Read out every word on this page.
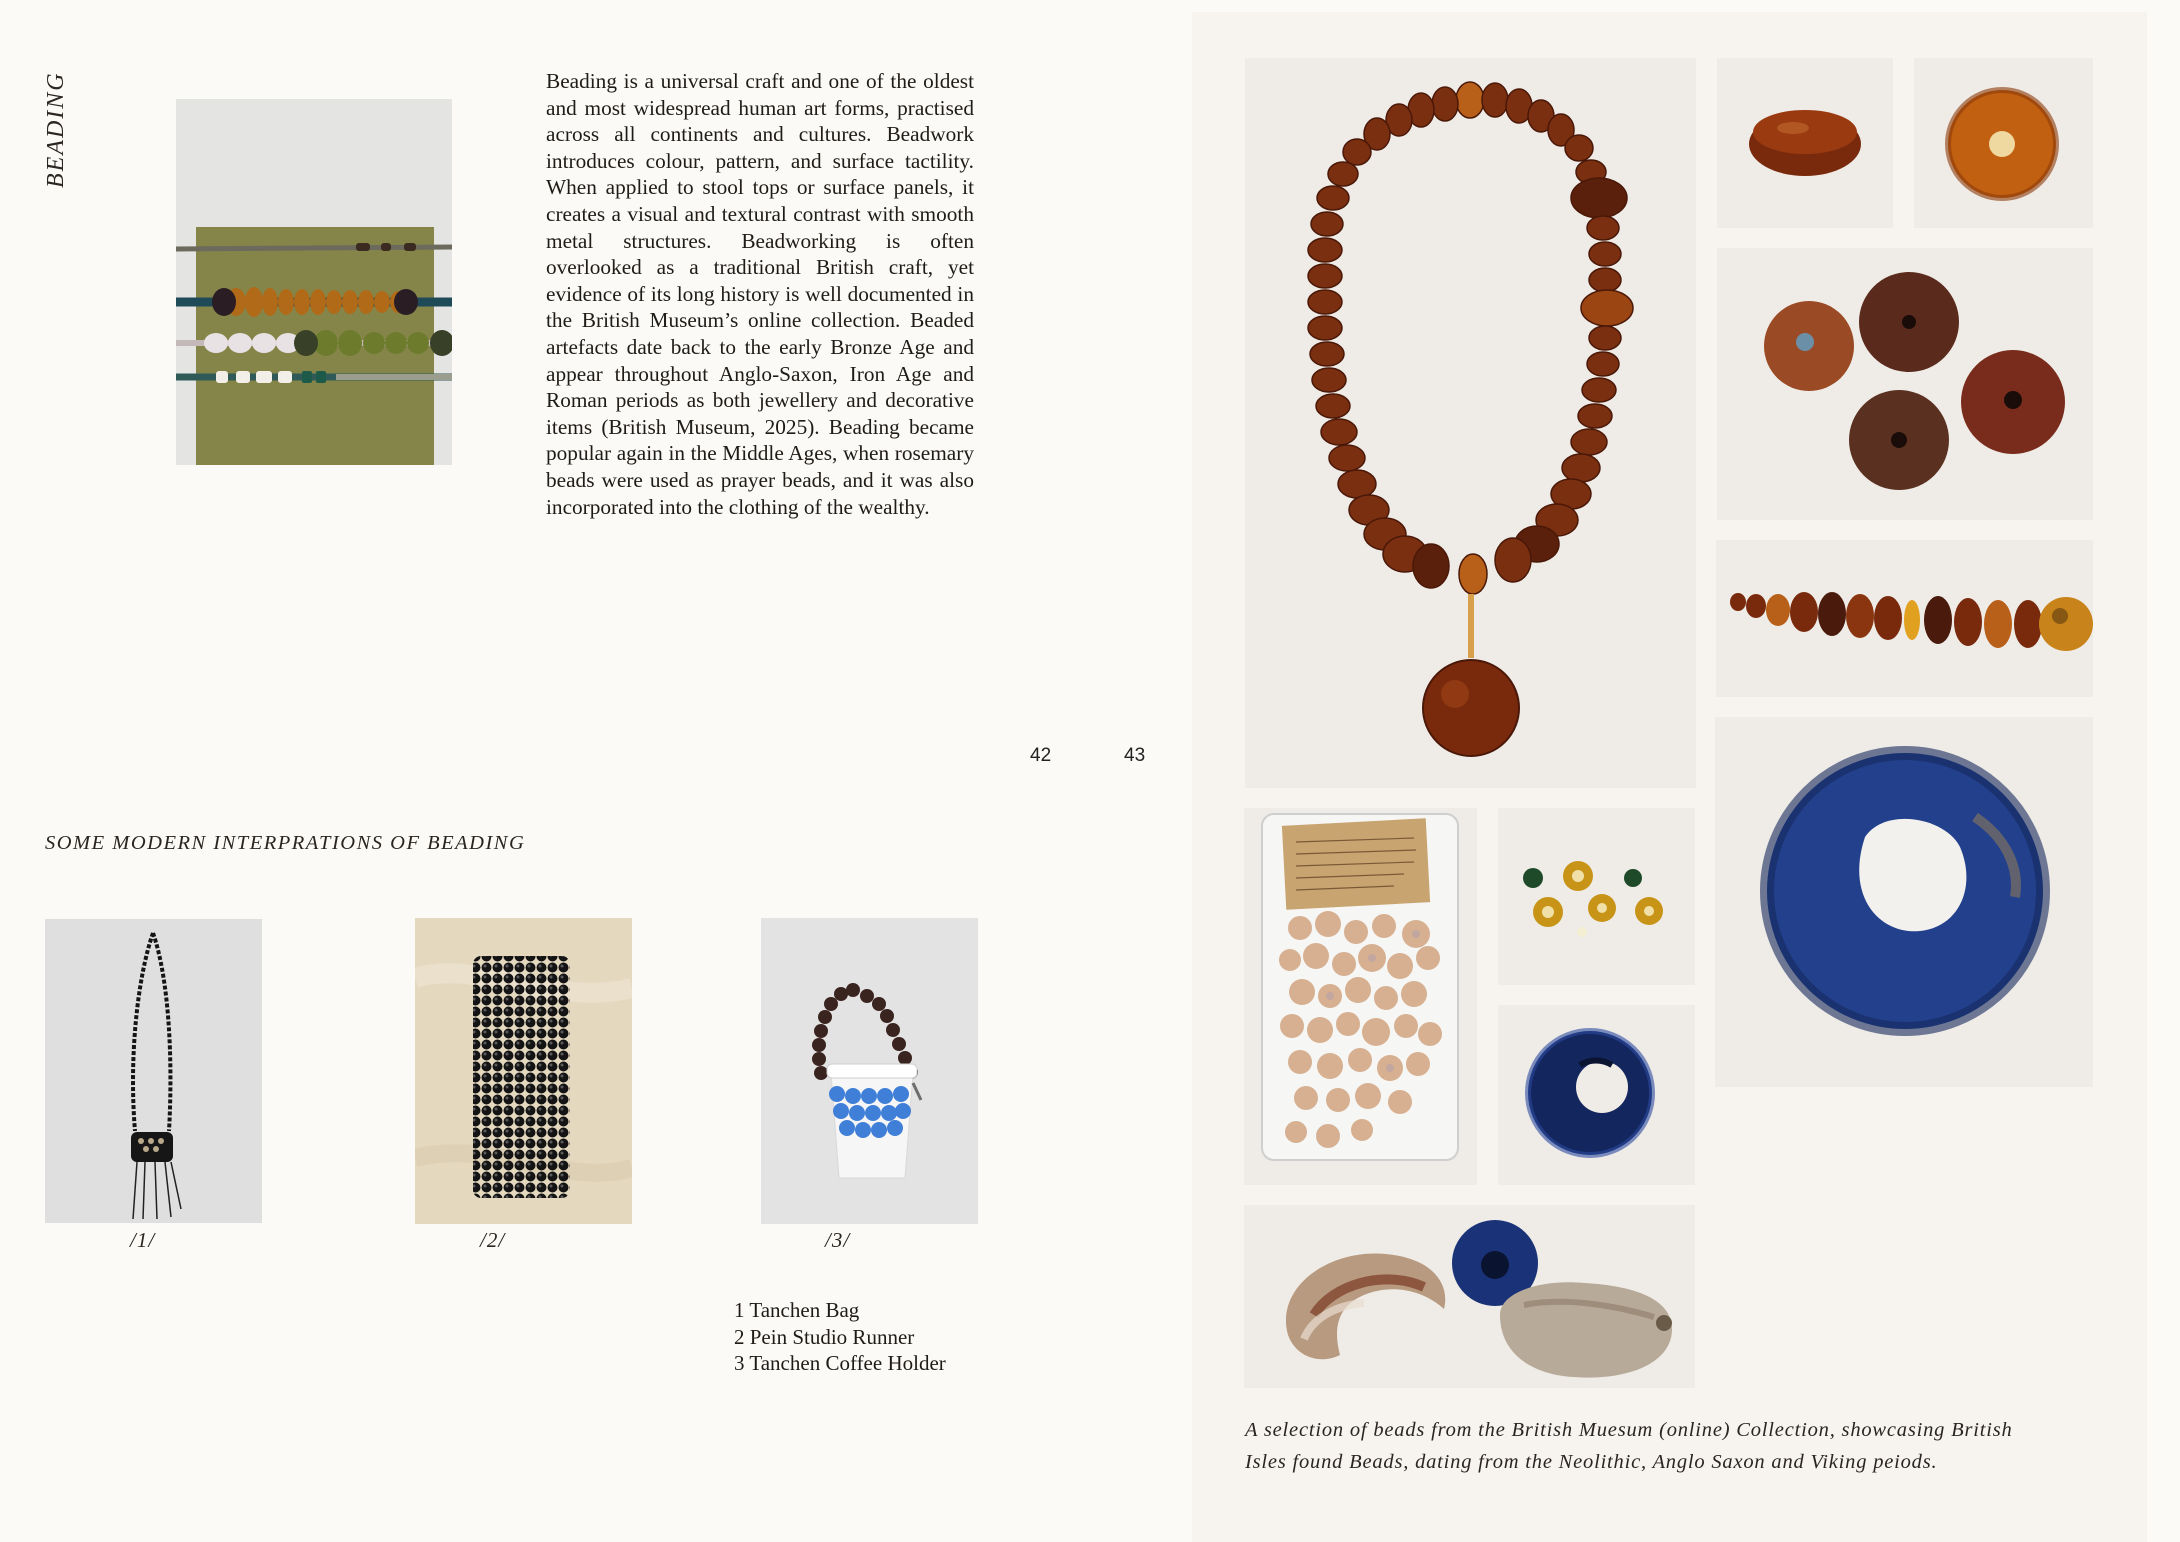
BEADING	Beading is a universal craft and one of the oldest and most widespread human art forms, practised across all continents and cultures. Beadwork introduces colour, pattern, and surface tactility. When applied to stool tops or surface panels, it creates a visual and textural contrast with smooth metal structures. Beadworking is often overlooked as a traditional British craft, yet evidence of its long history is well documented in the British Museum’s online collection. Beaded artefacts date back to the early Bronze Age and appear throughout Anglo-Saxon, Iron Age and Roman periods as both jewellery and decorative items (British Museum, 2025). Beading became popular again in the Middle Ages, when rosemary beads were used as prayer beads, and it was also incorporated into the clothing of the wealthy.
42	43
SOME MODERN INTERPRATIONS OF BEADING
/1/	/2/	/3/
1 Tanchen Bag
2 Pein Studio Runner
3 Tanchen Coffee Holder
A selection of beads from the British Muesum (online) Collection, showcasing British
Isles found Beads, dating from the Neolithic, Anglo Saxon and Viking peiods.
